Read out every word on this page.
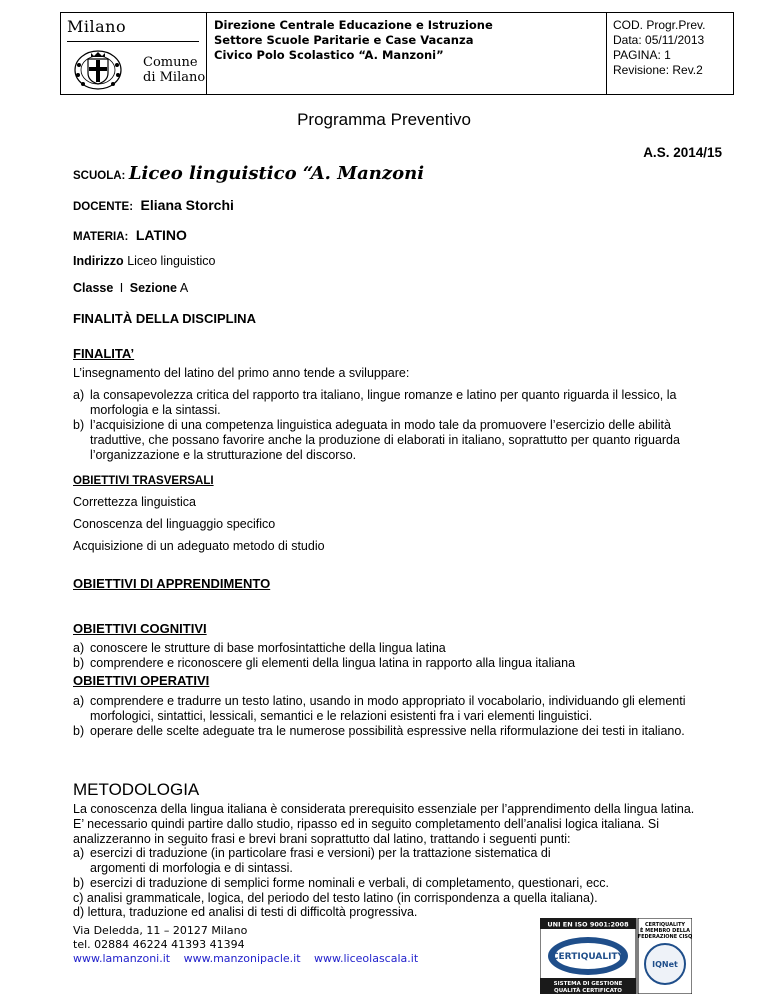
Milano
Comune
di Milano
Direzione Centrale Educazione e Istruzione
Settore Scuole Paritarie e Case Vacanza
Civico Polo Scolastico “A. Manzoni”
COD. Progr.Prev.
Data: 05/11/2013
PAGINA: 1
Revisione: Rev.2
Programma Preventivo
A.S. 2014/15
SCUOLA: Liceo linguistico “A. Manzoni
DOCENTE: Eliana Storchi
MATERIA: LATINO
Indirizzo Liceo linguistico
Classe I Sezione A
FINALITÀ DELLA DISCIPLINA
FINALITA’
L’insegnamento del latino del primo anno tende a sviluppare:
a) la consapevolezza critica del rapporto tra italiano, lingue romanze e latino per quanto riguarda il lessico, la morfologia e la sintassi.
b) l’acquisizione di una competenza linguistica adeguata in modo tale da promuovere l’esercizio delle abilità traduttive, che possano favorire anche la produzione di elaborati in italiano, soprattutto per quanto riguarda l’organizzazione e la strutturazione del discorso.
OBIETTIVI TRASVERSALI
Correttezza linguistica
Conoscenza del linguaggio specifico
Acquisizione di un adeguato metodo di studio
OBIETTIVI DI APPRENDIMENTO
OBIETTIVI COGNITIVI
a) conoscere le strutture di base morfosintattiche della lingua latina
b) comprendere e riconoscere gli elementi della lingua latina in rapporto alla lingua italiana
OBIETTIVI OPERATIVI
a) comprendere e tradurre un testo latino, usando in modo appropriato il vocabolario, individuando gli elementi morfologici, sintattici, lessicali, semantici e le relazioni esistenti fra i vari elementi linguistici.
b) operare delle scelte adeguate tra le numerose possibilità espressive nella riformulazione dei testi in italiano.
METODOLOGIA
La conoscenza della lingua italiana è considerata prerequisito essenziale per l’apprendimento della lingua latina. E’ necessario quindi partire dallo studio, ripasso ed in seguito completamento dell’analisi logica italiana. Si analizzeranno in seguito frasi e brevi brani soprattutto dal latino, trattando i seguenti punti:
a) esercizi di traduzione (in particolare frasi e versioni) per la trattazione sistematica di argomenti di morfologia e di sintassi.
b) esercizi di traduzione di semplici forme nominali e verbali, di completamento, questionari, ecc.
c) analisi grammaticale, logica, del periodo del testo latino (in corrispondenza a quella italiana).
d) lettura, traduzione ed analisi di testi di difficoltà progressiva.
Via Deledda, 11 – 20127 Milano
tel. 02884 46224 41393 41394
www.lamanzoni.it www.manzonipacle.it www.liceolascala.it
UNI EN ISO 9001:2008
CERTIQUALITY
SISTEMA DI GESTIONE
QUALITÀ CERTIFICATO
CERTIQUALITY
È MEMBRO DELLA
FEDERAZIONE CISQ
IQNet
